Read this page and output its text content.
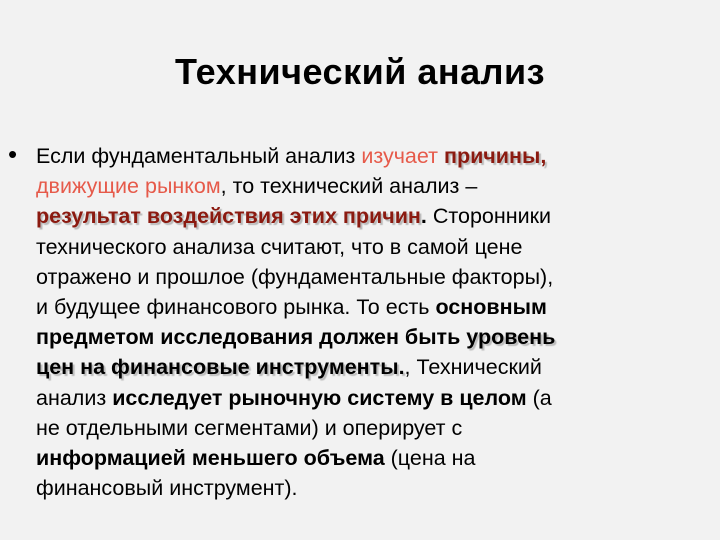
Технический анализ
• Если фундаментальный анализ изучает причины,
движущие рынком, то технический анализ –
результат воздействия этих причин. Сторонники
технического анализа считают, что в самой цене
отражено и прошлое (фундаментальные факторы),
и будущее финансового рынка. То есть основным
предметом исследования должен быть уровень
цен на финансовые инструменты., Технический
анализ исследует рыночную систему в целом (а
не отдельными сегментами) и оперирует с
информацией меньшего объема (цена на
финансовый инструмент).
